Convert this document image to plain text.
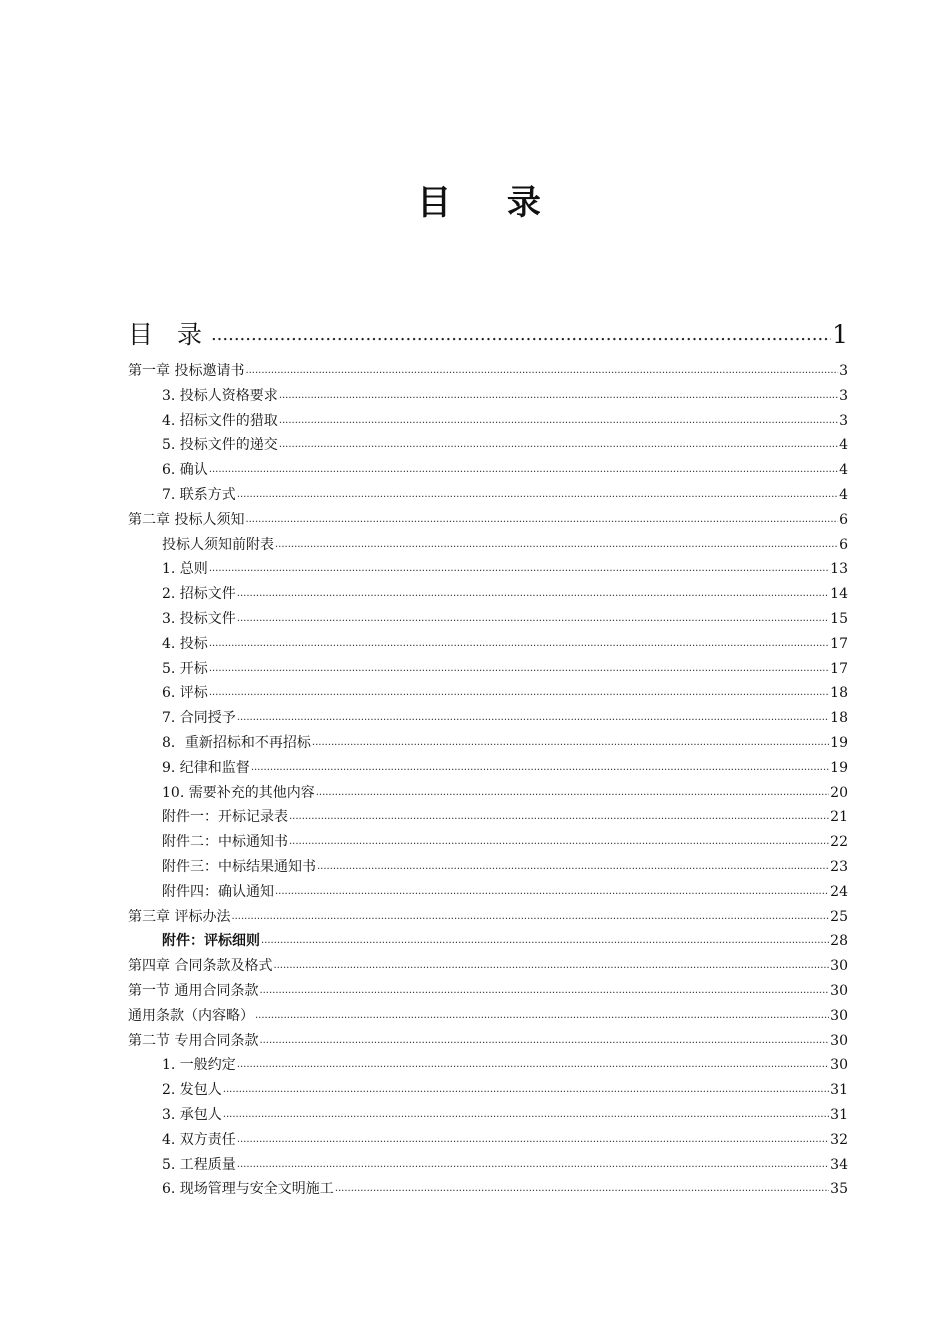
目 录
目 录 .....	1
第一章 投标邀请书 .....	3
3. 投标人资格要求 .....	3
4. 招标文件的猎取 .....	3
5. 投标文件的递交 .....	4
6. 确认 .....	4
7. 联系方式 .....	4
第二章 投标人须知 .....	6
投标人须知前附表 .....	6
1. 总则 .....	13
2. 招标文件 .....	14
3. 投标文件 .....	15
4. 投标 .....	17
5. 开标 .....	17
6. 评标 .....	18
7. 合同授予 .....	18
8．重新招标和不再招标 .....	19
9. 纪律和监督 .....	19
10. 需要补充的其他内容 .....	20
附件一：开标记录表 .....	21
附件二：中标通知书 .....	22
附件三：中标结果通知书 .....	23
附件四：确认通知 .....	24
第三章 评标办法 .....	25
附件：评标细则 .....	28
第四章 合同条款及格式 .....	30
第一节 通用合同条款 .....	30
通用条款（内容略） .....	30
第二节 专用合同条款 .....	30
1. 一般约定 .....	30
2. 发包人 .....	31
3. 承包人 .....	31
4. 双方责任 .....	32
5. 工程质量 .....	34
6. 现场管理与安全文明施工 .....	35
